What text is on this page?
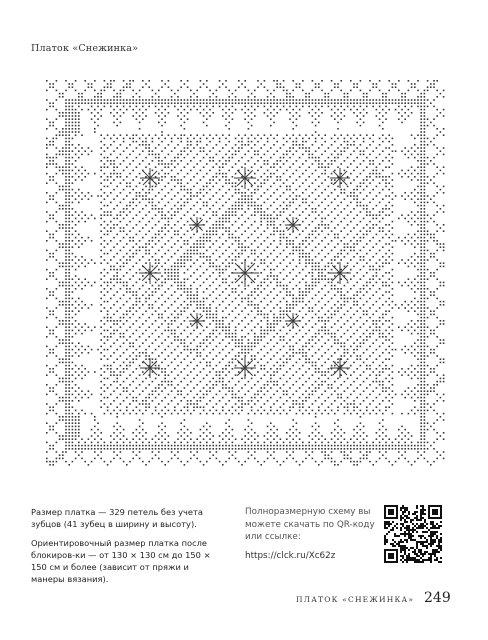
Платок «Снежинка»

Размер платка — 329 петель без учета зубцов (41 зубец в ширину и высоту).

Ориентировочный размер платка после блокиров-ки — от 130 × 130 см до 150 × 150 см и более (зависит от пряжи и манеры вязания).

Полноразмерную схему вы можете скачать по QR-коду или ссылке:
https://clck.ru/Xc62z
ПЛАТОК «СНЕЖИНКА» 249
